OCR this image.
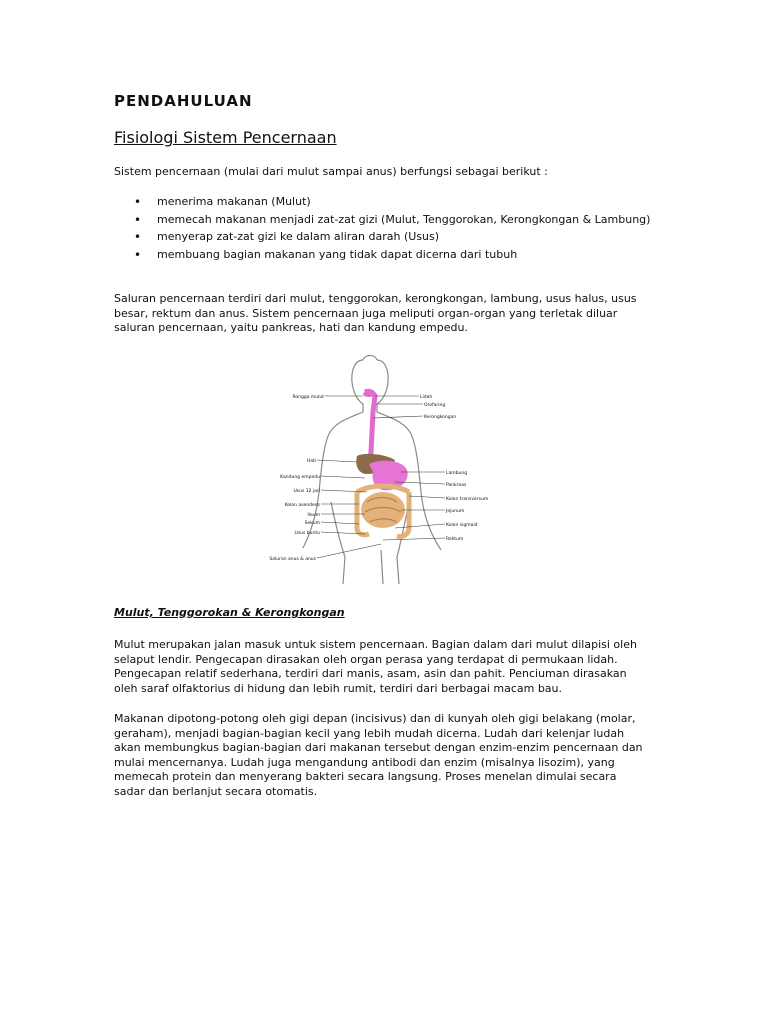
PENDAHULUAN
Fisiologi Sistem Pencernaan

Sistem pencernaan (mulai dari mulut sampai anus) berfungsi sebagai berikut :

• menerima makanan (Mulut)
• memecah makanan menjadi zat-zat gizi (Mulut, Tenggorokan, Kerongkongan & Lambung)
• menyerap zat-zat gizi ke dalam aliran darah (Usus)
• membuang bagian makanan yang tidak dapat dicerna dari tubuh

Saluran pencernaan terdiri dari mulut, tenggorokan, kerongkongan, lambung, usus halus, usus besar, rektum dan anus. Sistem pencernaan juga meliputi organ-organ yang terletak diluar saluran pencernaan, yaitu pankreas, hati dan kandung empedu.

Rongga mulut
Hati
Kandung empedu
Usus 12 jari
Kolon asendens
Ileum
Sekum
Usus buntu
Saluran anus & anus
Lidah
Orofaring
Kerongkongan
Lambung
Pankreas
Kolon transversum
Jejunum
Kolon sigmoid
Rektum
Mulut, Tenggorokan & Kerongkongan

Mulut merupakan jalan masuk untuk sistem pencernaan. Bagian dalam dari mulut dilapisi oleh selaput lendir. Pengecapan dirasakan oleh organ perasa yang terdapat di permukaan lidah. Pengecapan relatif sederhana, terdiri dari manis, asam, asin dan pahit. Penciuman dirasakan oleh saraf olfaktorius di hidung dan lebih rumit, terdiri dari berbagai macam bau.

Makanan dipotong-potong oleh gigi depan (incisivus) dan di kunyah oleh gigi belakang (molar, geraham), menjadi bagian-bagian kecil yang lebih mudah dicerna. Ludah dari kelenjar ludah akan membungkus bagian-bagian dari makanan tersebut dengan enzim-enzim pencernaan dan mulai mencernanya. Ludah juga mengandung antibodi dan enzim (misalnya lisozim), yang memecah protein dan menyerang bakteri secara langsung. Proses menelan dimulai secara sadar dan berlanjut secara otomatis.
